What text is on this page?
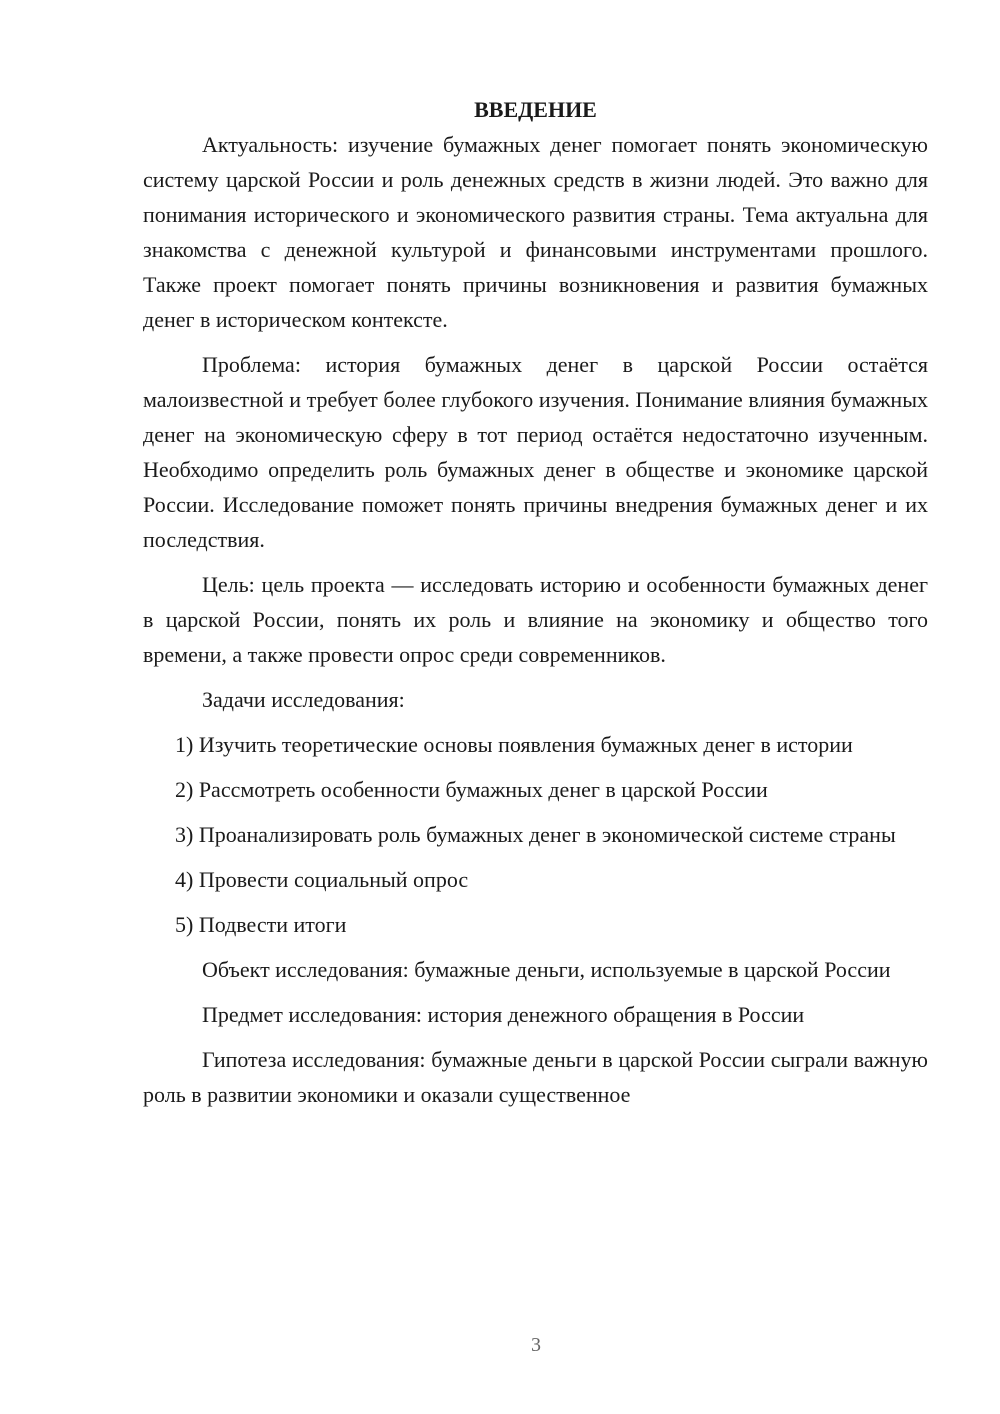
ВВЕДЕНИЕ

Актуальность: изучение бумажных денег помогает понять экономическую систему царской России и роль денежных средств в жизни людей. Это важно для понимания исторического и экономического развития страны. Тема актуальна для знакомства с денежной культурой и финансовыми инструментами прошлого. Также проект помогает понять причины возникновения и развития бумажных денег в историческом контексте.

Проблема: история бумажных денег в царской России остаётся малоизвестной и требует более глубокого изучения. Понимание влияния бумажных денег на экономическую сферу в тот период остаётся недостаточно изученным. Необходимо определить роль бумажных денег в обществе и экономике царской России. Исследование поможет понять причины внедрения бумажных денег и их последствия.

Цель: цель проекта — исследовать историю и особенности бумажных денег в царской России, понять их роль и влияние на экономику и общество того времени, а также провести опрос среди современников.

Задачи исследования:

1) Изучить теоретические основы появления бумажных денег в истории

2) Рассмотреть особенности бумажных денег в царской России

3) Проанализировать роль бумажных денег в экономической системе страны

4) Провести социальный опрос

5) Подвести итоги

Объект исследования: бумажные деньги, используемые в царской России

Предмет исследования: история денежного обращения в России

Гипотеза исследования: бумажные деньги в царской России сыграли важную роль в развитии экономики и оказали существенное

3
